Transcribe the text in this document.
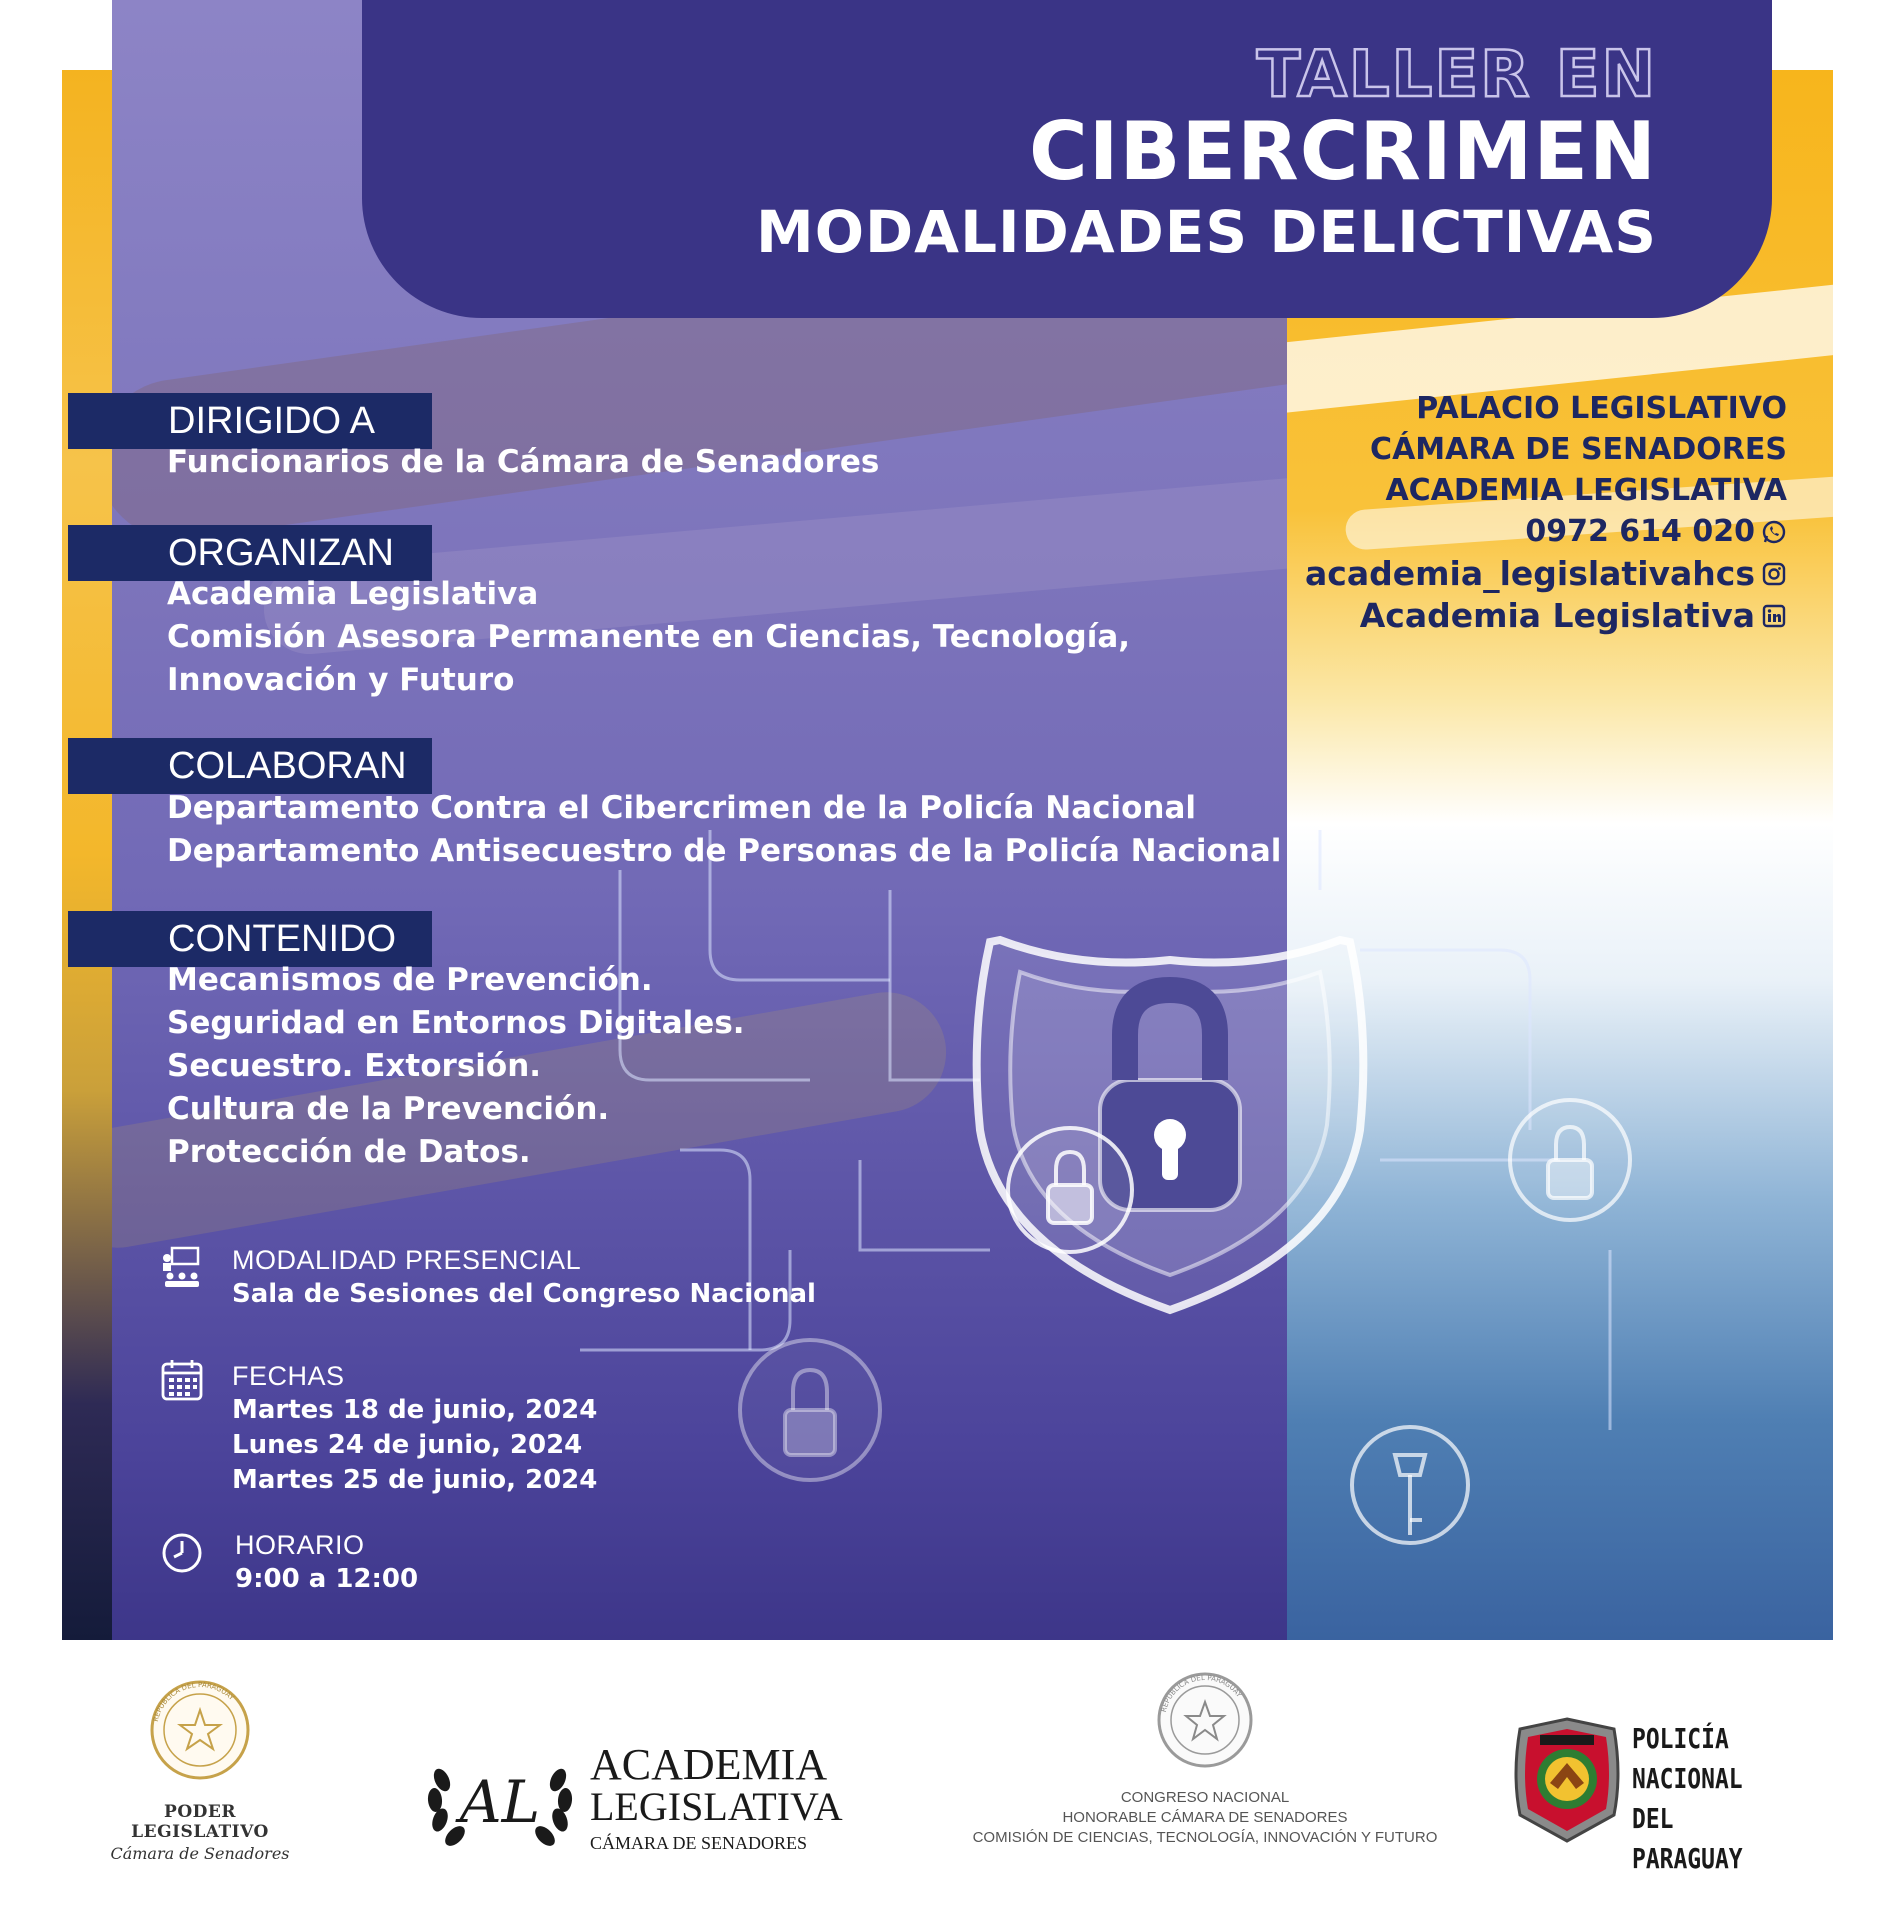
TALLER EN
CIBERCRIMEN
MODALIDADES DELICTIVAS
DIRIGIDO A
Funcionarios de la Cámara de Senadores
ORGANIZAN
Academia Legislativa
Comisión Asesora Permanente en Ciencias, Tecnología,
Innovación y Futuro
COLABORAN
Departamento Contra el Cibercrimen de la Policía Nacional
Departamento Antisecuestro de Personas de la Policía Nacional
CONTENIDO
Mecanismos de Prevención.
Seguridad en Entornos Digitales.
Secuestro. Extorsión.
Cultura de la Prevención.
Protección de Datos.
MODALIDAD PRESENCIAL
Sala de Sesiones del Congreso Nacional
FECHAS
Martes 18 de junio, 2024
Lunes 24 de junio, 2024
Martes 25 de junio, 2024
HORARIO
9:00 a 12:00
PALACIO LEGISLATIVO
CÁMARA DE SENADORES
ACADEMIA LEGISLATIVA
0972 614 020
academia_legislativahcs
Academia Legislativa
REPUBLICA DEL PARAGUAY
PODER LEGISLATIVO
Cámara de Senadores
AL
ACADEMIA
LEGISLATIVA
CÁMARA DE SENADORES
REPUBLICA DEL PARAGUAY
CONGRESO NACIONAL
HONORABLE CÁMARA DE SENADORES
COMISIÓN DE CIENCIAS, TECNOLOGÍA, INNOVACIÓN Y FUTURO
POLICÍA
NACIONAL
DEL PARAGUAY
